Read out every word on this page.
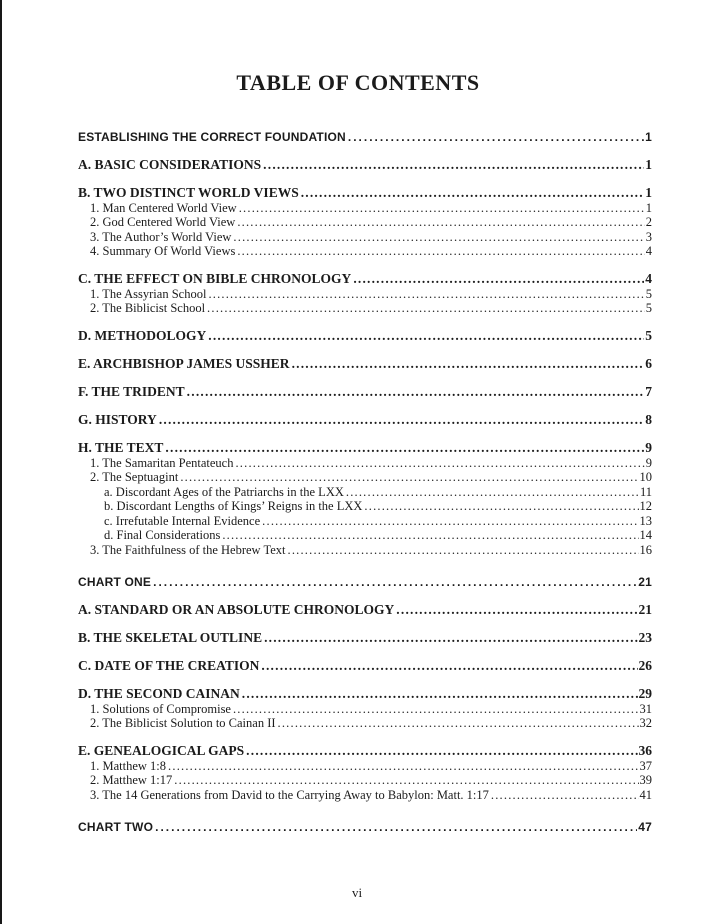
TABLE OF CONTENTS
ESTABLISHING THE CORRECT FOUNDATION .....	1
A. BASIC CONSIDERATIONS .....	1
B. TWO DISTINCT WORLD VIEWS .....	1
1. Man Centered World View .....	1
2. God Centered World View .....	2
3. The Author’s World View .....	3
4. Summary Of World Views .....	4
C. THE EFFECT ON BIBLE CHRONOLOGY .....	4
1. The Assyrian School .....	5
2. The Biblicist School .....	5
D. METHODOLOGY .....	5
E. ARCHBISHOP JAMES USSHER .....	6
F. THE TRIDENT .....	7
G. HISTORY .....	8
H. THE TEXT .....	9
1. The Samaritan Pentateuch .....	9
2. The Septuagint .....	10
a. Discordant Ages of the Patriarchs in the LXX .....	11
b. Discordant Lengths of Kings’ Reigns in the LXX .....	12
c. Irrefutable Internal Evidence .....	13
d. Final Considerations .....	14
3. The Faithfulness of the Hebrew Text .....	16
CHART ONE .....	21
A. STANDARD OR AN ABSOLUTE CHRONOLOGY .....	21
B. THE SKELETAL OUTLINE .....	23
C. DATE OF THE CREATION .....	26
D. THE SECOND CAINAN .....	29
1. Solutions of Compromise .....	31
2. The Biblicist Solution to Cainan II .....	32
E. GENEALOGICAL GAPS .....	36
1. Matthew 1:8 .....	37
2. Matthew 1:17 .....	39
3. The 14 Generations from David to the Carrying Away to Babylon: Matt. 1:17 .....	41
CHART TWO .....	47
vi
